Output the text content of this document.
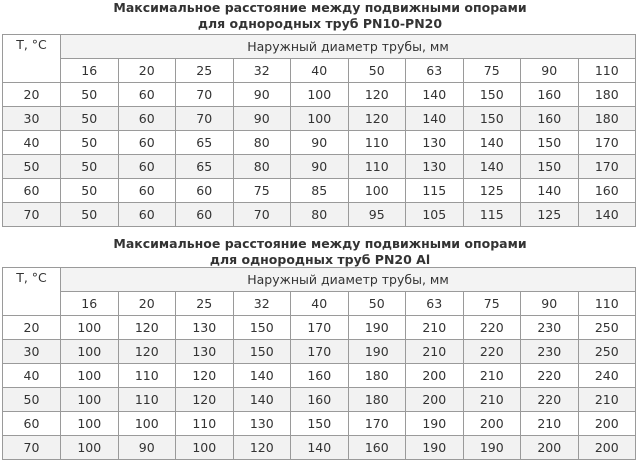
Максимальное расстояние между подвижными опорами
для однородных труб PN10-PN20
T, °C	Наружный диаметр трубы, мм									
	16	20	25	32	40	50	63	75	90	110
20	50	60	70	90	100	120	140	150	160	180
30	50	60	70	90	100	120	140	150	160	180
40	50	60	65	80	90	110	130	140	150	170
50	50	60	65	80	90	110	130	140	150	170
60	50	60	60	75	85	100	115	125	140	160
70	50	60	60	70	80	95	105	115	125	140
Максимальное расстояние между подвижными опорами
для однородных труб PN20 Al
T, °C	Наружный диаметр трубы, мм									
	16	20	25	32	40	50	63	75	90	110
20	100	120	130	150	170	190	210	220	230	250
30	100	120	130	150	170	190	210	220	230	250
40	100	110	120	140	160	180	200	210	220	240
50	100	110	120	140	160	180	200	210	220	210
60	100	100	110	130	150	170	190	200	210	200
70	100	90	100	120	140	160	190	190	200	200
